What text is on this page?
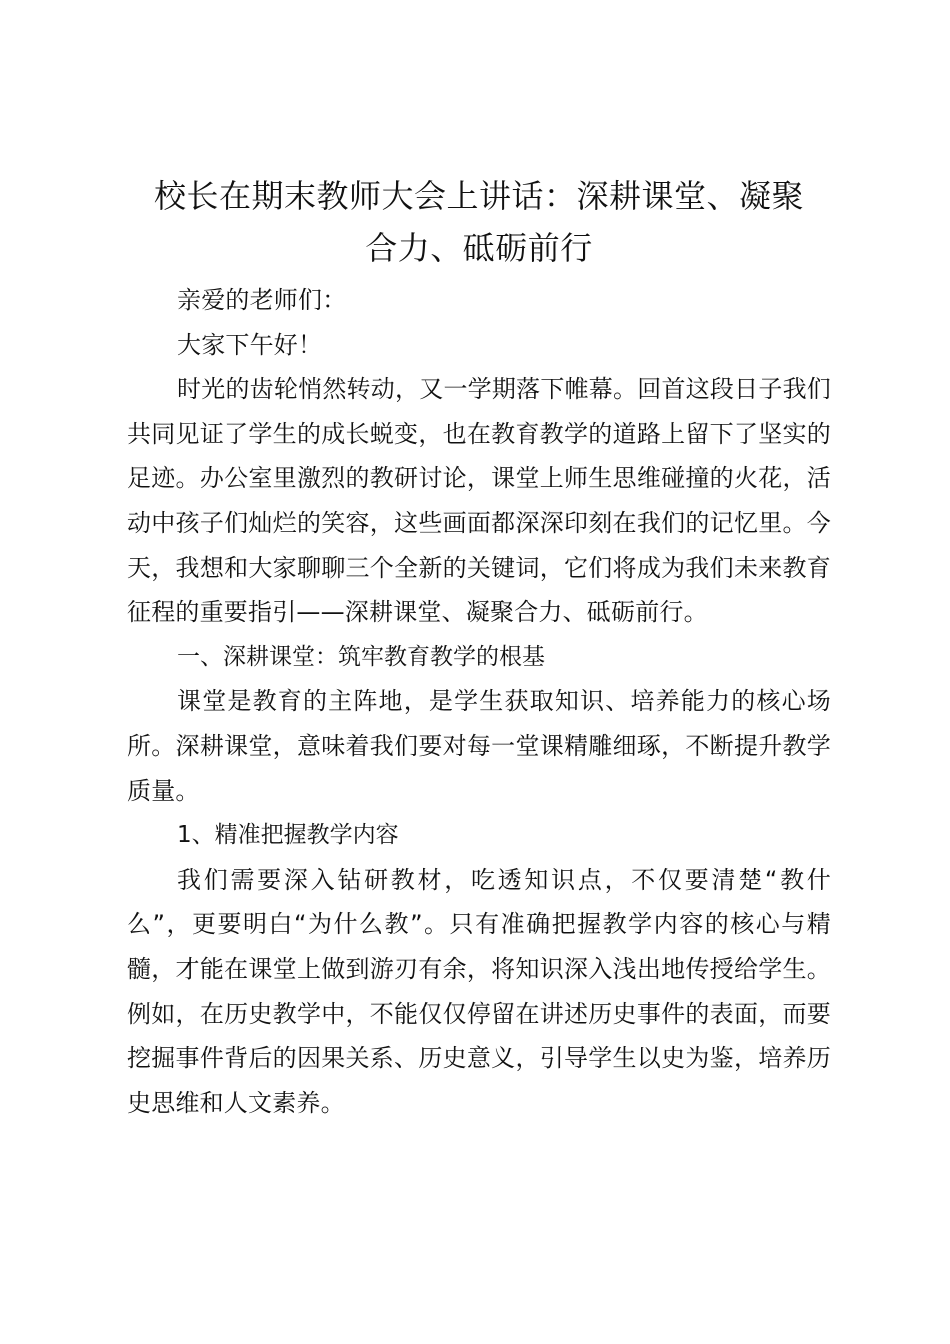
校长在期末教师大会上讲话：深耕课堂、凝聚
合力、砥砺前行

亲爱的老师们：

大家下午好！

时光的齿轮悄然转动，又一学期落下帷幕。回首这段日子我们共同见证了学生的成长蜕变，也在教育教学的道路上留下了坚实的足迹。办公室里激烈的教研讨论，课堂上师生思维碰撞的火花，活动中孩子们灿烂的笑容，这些画面都深深印刻在我们的记忆里。今天，我想和大家聊聊三个全新的关键词，它们将成为我们未来教育征程的重要指引——深耕课堂、凝聚合力、砥砺前行。

一、深耕课堂：筑牢教育教学的根基

课堂是教育的主阵地，是学生获取知识、培养能力的核心场所。深耕课堂，意味着我们要对每一堂课精雕细琢，不断提升教学质量。

1、精准把握教学内容

我们需要深入钻研教材，吃透知识点，不仅要清楚“教什么”，更要明白“为什么教”。只有准确把握教学内容的核心与精髓，才能在课堂上做到游刃有余，将知识深入浅出地传授给学生。例如，在历史教学中，不能仅仅停留在讲述历史事件的表面，而要挖掘事件背后的因果关系、历史意义，引导学生以史为鉴，培养历史思维和人文素养。
